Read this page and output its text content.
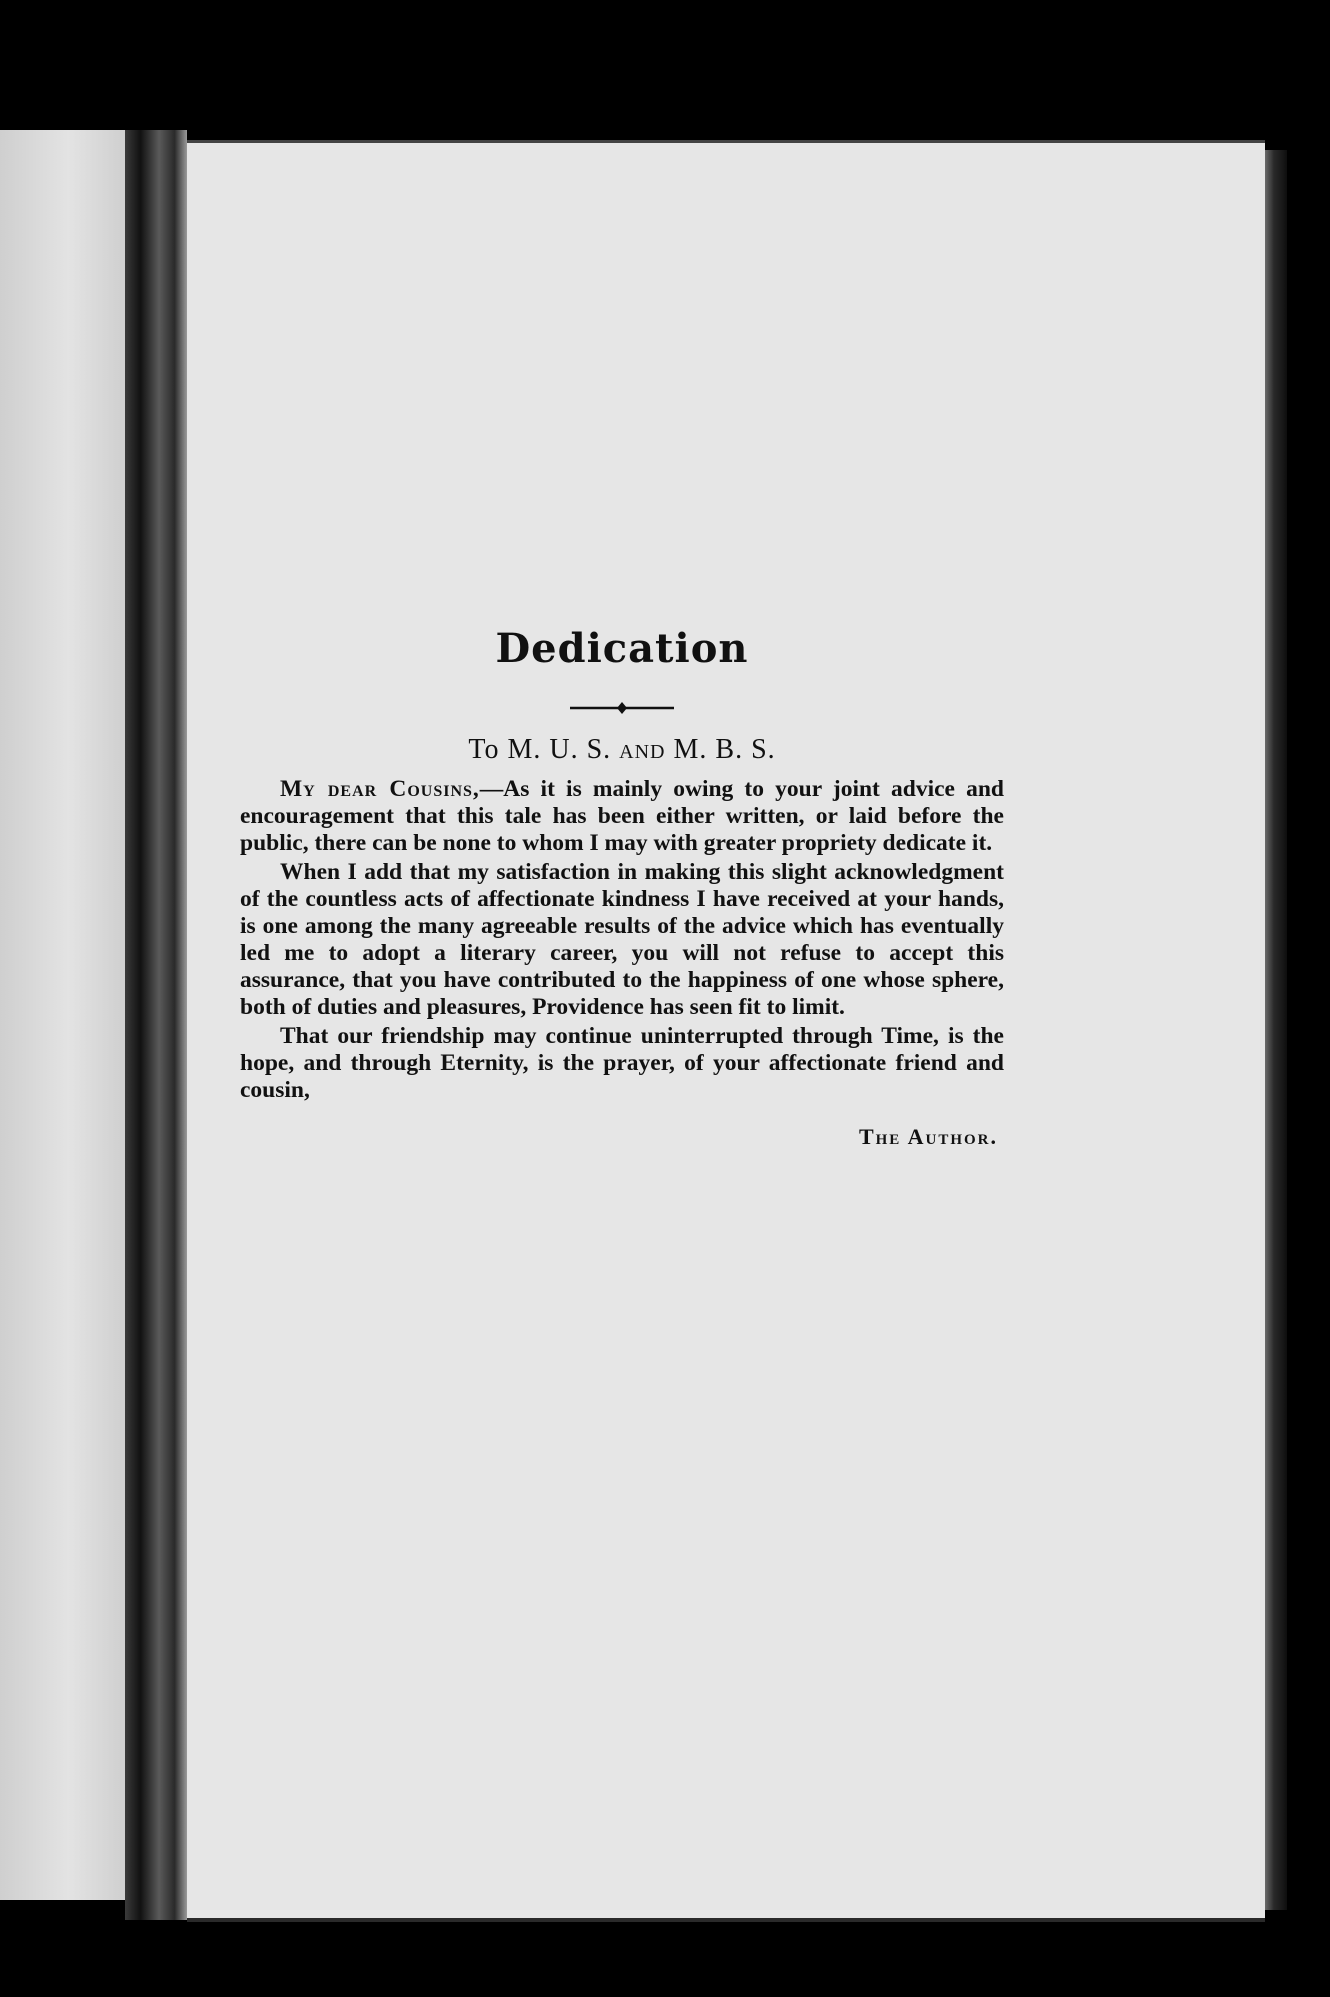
Dedication

To M. U. S. AND M. B. S.

My dear Cousins,—As it is mainly owing to your joint advice and encouragement that this tale has been either written, or laid before the public, there can be none to whom I may with greater propriety dedicate it.

When I add that my satisfaction in making this slight acknowledgment of the countless acts of affectionate kindness I have received at your hands, is one among the many agreeable results of the advice which has eventually led me to adopt a literary career, you will not refuse to accept this assurance, that you have contributed to the happiness of one whose sphere, both of duties and pleasures, Providence has seen fit to limit.

That our friendship may continue uninterrupted through Time, is the hope, and through Eternity, is the prayer, of your affectionate friend and cousin,

The Author.
